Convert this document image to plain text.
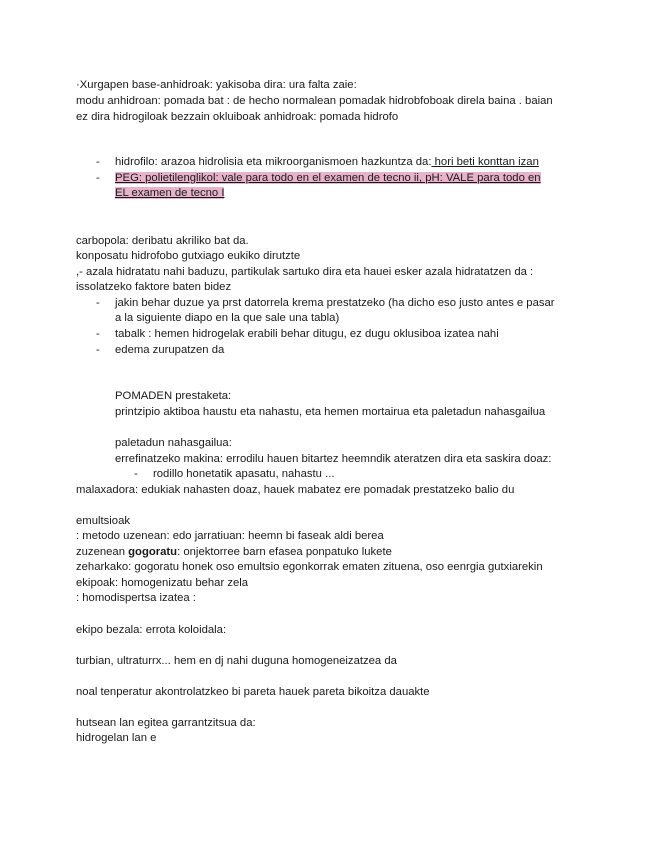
·Xurgapen base-anhidroak: yakisoba dira: ura falta zaie:
modu anhidroan: pomada bat : de hecho normalean pomadak hidrobfoboak direla baina . baian
ez dira hidrogiloak bezzain okluiboak anhidroak: pomada hidrofo
- hidrofilo: arazoa hidrolisia eta mikroorganismoen hazkuntza da: hori beti konttan izan
- PEG: polietilenglikol: vale para todo en el examen de tecno ii, pH: VALE para todo en
EL examen de tecno I
carbopola: deribatu akriliko bat da.
konposatu hidrofobo gutxiago eukiko dirutzte
,- azala hidratatu nahi baduzu, partikulak sartuko dira eta hauei esker azala hidratatzen da :
issolatzeko faktore baten bidez
- jakin behar duzue ya prst datorrela krema prestatzeko (ha dicho eso justo antes e pasar
a la siguiente diapo en la que sale una tabla)
- tabalk : hemen hidrogelak erabili behar ditugu, ez dugu oklusiboa izatea nahi
- edema zurupatzen da
POMADEN prestaketa:
printzipio aktiboa haustu eta nahastu, eta hemen mortairua eta paletadun nahasgailua
paletadun nahasgailua:
errefinatzeko makina: errodilu hauen bitartez heemndik ateratzen dira eta saskira doaz:
- rodillo honetatik apasatu, nahastu ...
malaxadora: edukiak nahasten doaz, hauek mabatez ere pomadak prestatzeko balio du
emultsioak
: metodo uzenean: edo jarratiuan: heemn bi faseak aldi berea
zuzenean gogoratu: onjektorree barn efasea ponpatuko lukete
zeharkako: gogoratu honek oso emultsio egonkorrak ematen zituena, oso eenrgia gutxiarekin
ekipoak: homogenizatu behar zela
: homodispertsa izatea :
ekipo bezala: errota koloidala:
turbian, ultraturrx... hem en dj nahi duguna homogeneizatzea da
noal tenperatur akontrolatzkeo bi pareta hauek pareta bikoitza dauakte
hutsean lan egitea garrantzitsua da:
hidrogelan lan e
